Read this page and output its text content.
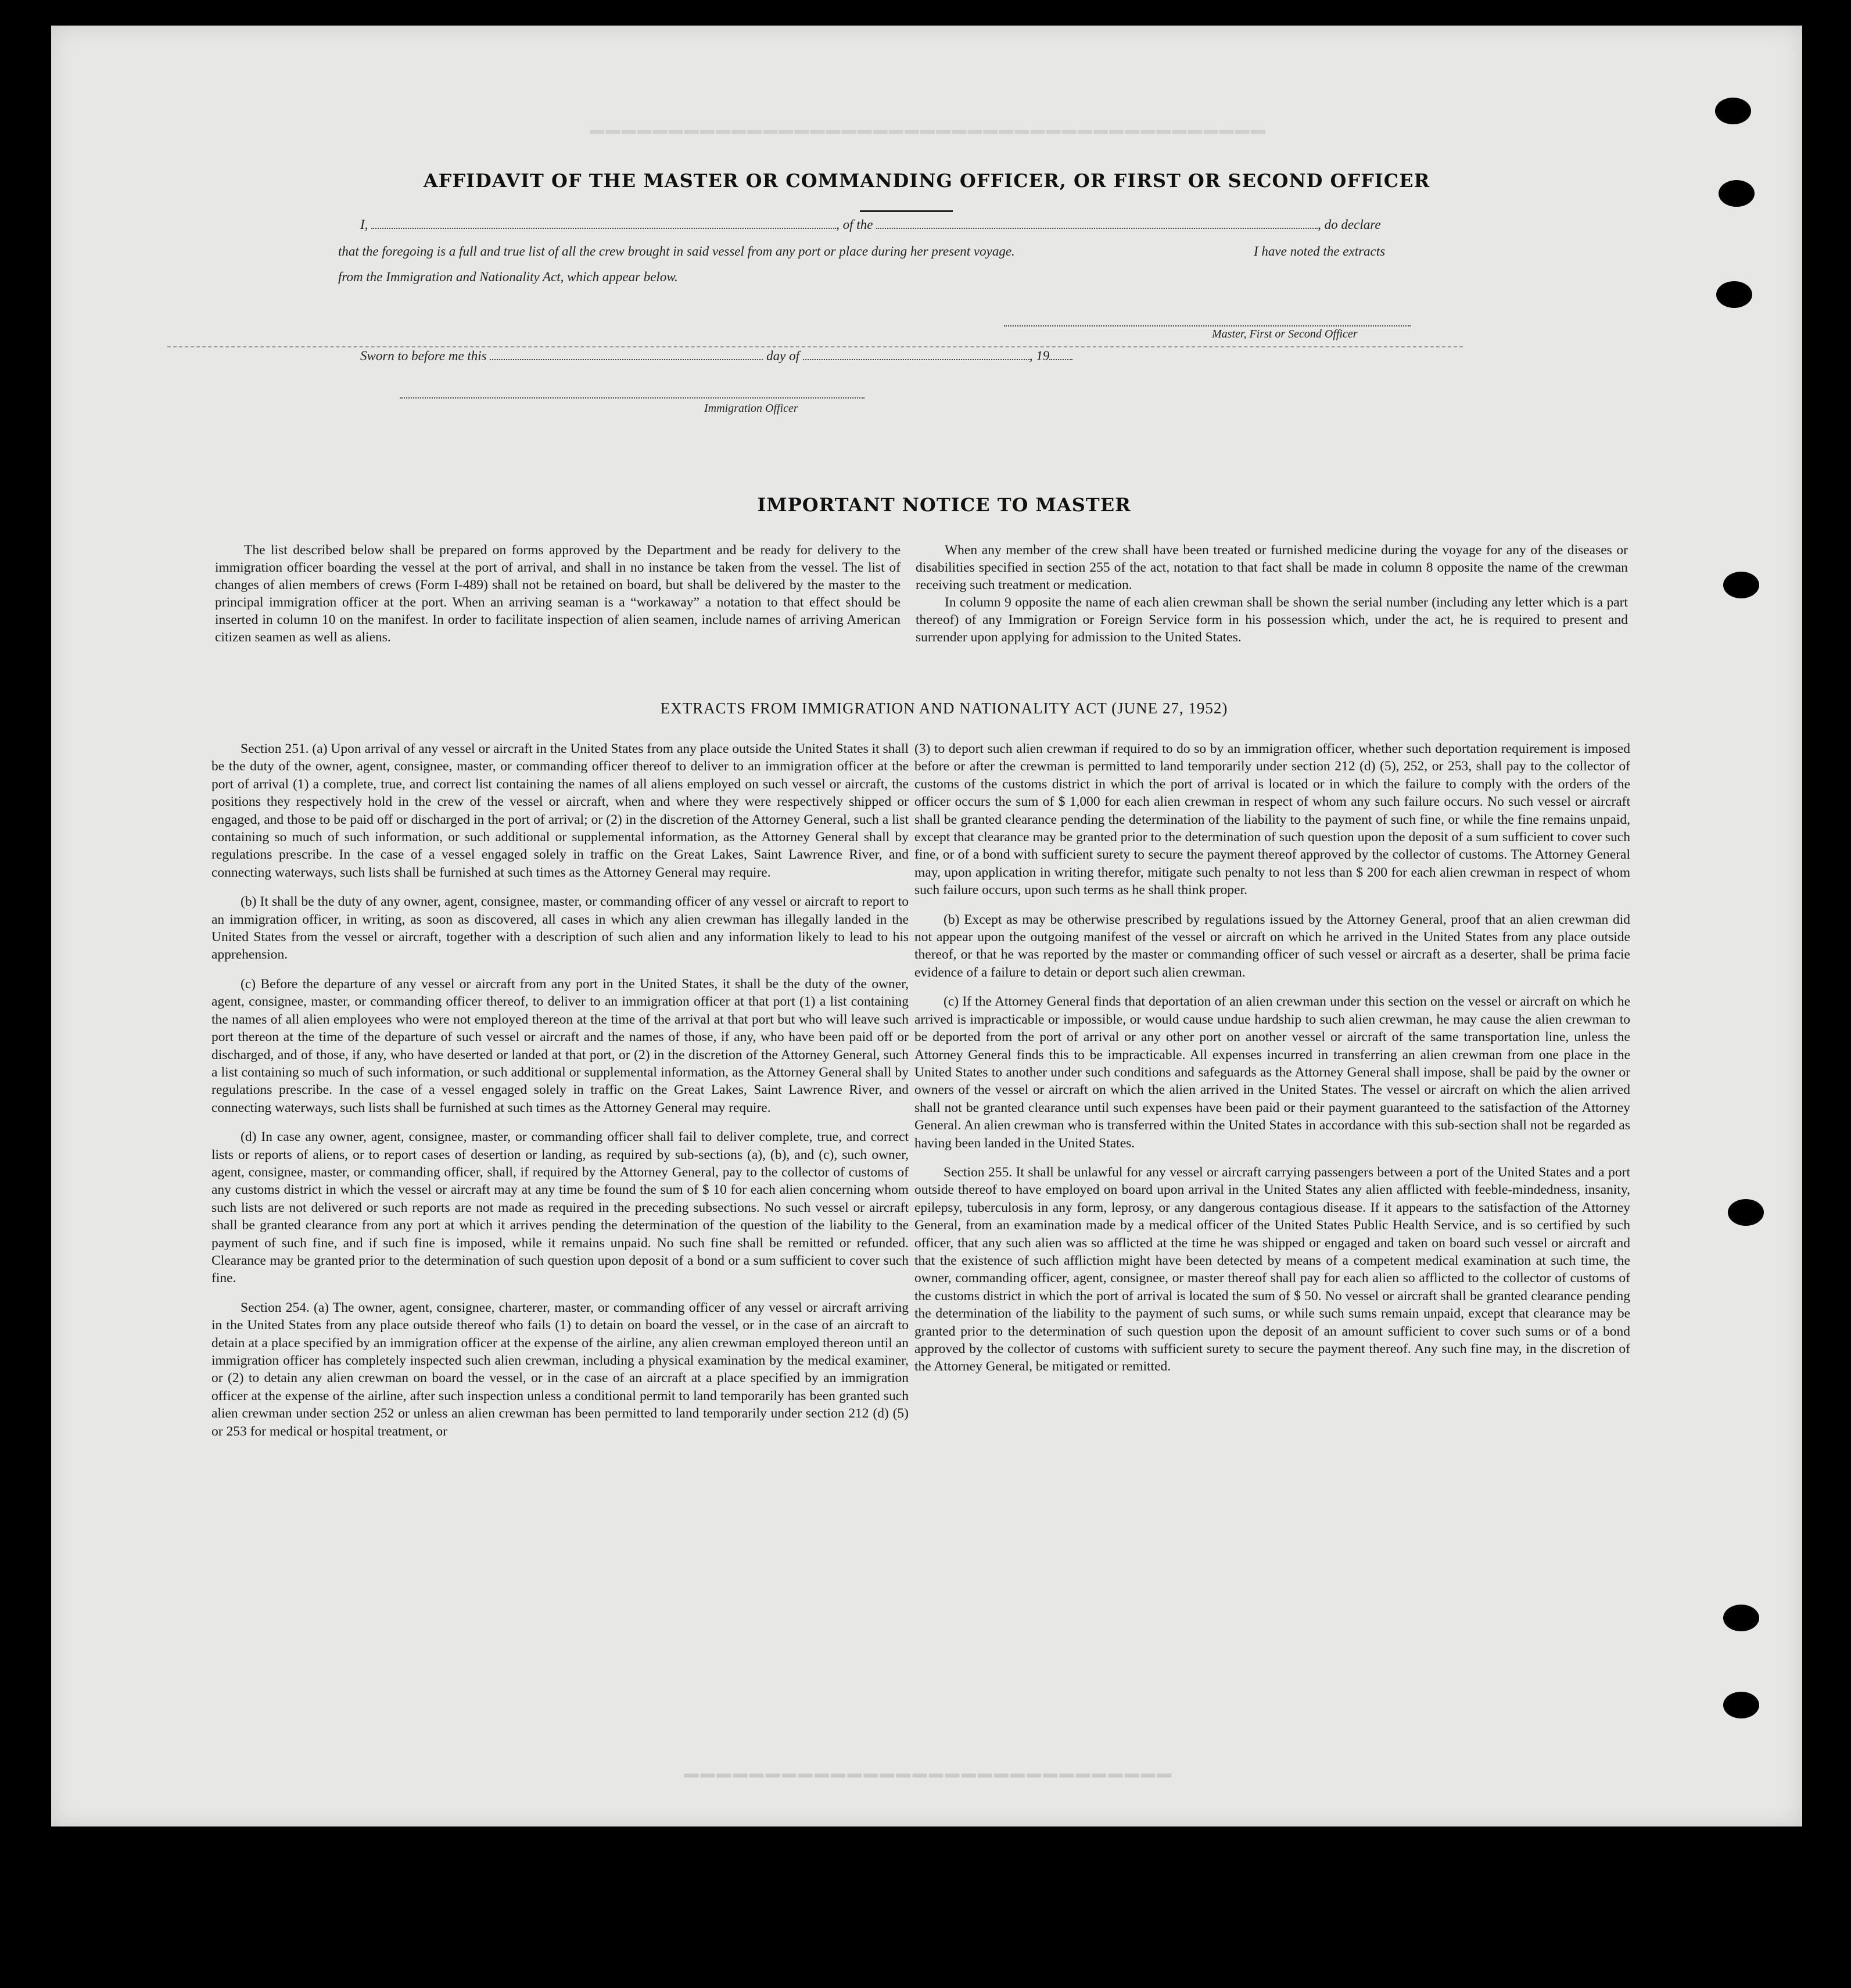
━━━━━━━━━━━━━━━━━━━━━━━━━━━━━━━━━━━━━━━━━━━
━━━━━━━━━━━━━━━━━━━━━━━━━━━━━━
AFFIDAVIT OF THE MASTER OR COMMANDING OFFICER, OR FIRST OR SECOND OFFICER
I,	, of the	, do declare
that the foregoing is a full and true list of all the crew brought in said vessel from any port or place during her present voyage.	I have noted the extracts
from the Immigration and Nationality Act, which appear below.
Master, First or Second Officer
Sworn to before me this	day of	, 19
Immigration Officer
IMPORTANT NOTICE TO MASTER

The list described below shall be prepared on forms approved by the Department and be ready for delivery to the immigration officer boarding the vessel at the port of arrival, and shall in no instance be taken from the vessel. The list of changes of alien members of crews (Form I-489) shall not be retained on board, but shall be delivered by the master to the principal immigration officer at the port. When an arriving seaman is a “workaway” a notation to that effect should be inserted in column 10 on the manifest. In order to facilitate inspection of alien seamen, include names of arriving American citizen seamen as well as aliens.

When any member of the crew shall have been treated or furnished medicine during the voyage for any of the diseases or disabilities specified in section 255 of the act, notation to that fact shall be made in column 8 opposite the name of the crewman receiving such treatment or medication.

In column 9 opposite the name of each alien crewman shall be shown the serial number (including any letter which is a part thereof) of any Immigration or Foreign Service form in his possession which, under the act, he is required to present and surrender upon applying for admission to the United States.

EXTRACTS FROM IMMIGRATION AND NATIONALITY ACT (JUNE 27, 1952)

Section 251. (a) Upon arrival of any vessel or aircraft in the United States from any place outside the United States it shall be the duty of the owner, agent, consignee, master, or commanding officer thereof to deliver to an immigration officer at the port of arrival (1) a complete, true, and correct list containing the names of all aliens employed on such vessel or aircraft, the positions they respectively hold in the crew of the vessel or aircraft, when and where they were respectively shipped or engaged, and those to be paid off or discharged in the port of arrival; or (2) in the discretion of the Attorney General, such a list containing so much of such information, or such additional or supplemental information, as the Attorney General shall by regulations prescribe. In the case of a vessel engaged solely in traffic on the Great Lakes, Saint Lawrence River, and connecting waterways, such lists shall be furnished at such times as the Attorney General may require.

(b) It shall be the duty of any owner, agent, consignee, master, or commanding officer of any vessel or aircraft to report to an immigration officer, in writing, as soon as discovered, all cases in which any alien crewman has illegally landed in the United States from the vessel or aircraft, together with a description of such alien and any information likely to lead to his apprehension.

(c) Before the departure of any vessel or aircraft from any port in the United States, it shall be the duty of the owner, agent, consignee, master, or commanding officer thereof, to deliver to an immigration officer at that port (1) a list containing the names of all alien employees who were not employed thereon at the time of the arrival at that port but who will leave such port thereon at the time of the departure of such vessel or aircraft and the names of those, if any, who have been paid off or discharged, and of those, if any, who have deserted or landed at that port, or (2) in the discretion of the Attorney General, such a list containing so much of such information, or such additional or supplemental information, as the Attorney General shall by regulations prescribe. In the case of a vessel engaged solely in traffic on the Great Lakes, Saint Lawrence River, and connecting waterways, such lists shall be furnished at such times as the Attorney General may require.

(d) In case any owner, agent, consignee, master, or commanding officer shall fail to deliver complete, true, and correct lists or reports of aliens, or to report cases of desertion or landing, as required by sub-sections (a), (b), and (c), such owner, agent, consignee, master, or commanding officer, shall, if required by the Attorney General, pay to the collector of customs of any customs district in which the vessel or aircraft may at any time be found the sum of $ 10 for each alien concerning whom such lists are not delivered or such reports are not made as required in the preceding subsections. No such vessel or aircraft shall be granted clearance from any port at which it arrives pending the determination of the question of the liability to the payment of such fine, and if such fine is imposed, while it remains unpaid. No such fine shall be remitted or refunded. Clearance may be granted prior to the determination of such question upon deposit of a bond or a sum sufficient to cover such fine.

Section 254. (a) The owner, agent, consignee, charterer, master, or commanding officer of any vessel or aircraft arriving in the United States from any place outside thereof who fails (1) to detain on board the vessel, or in the case of an aircraft to detain at a place specified by an immigration officer at the expense of the airline, any alien crewman employed thereon until an immigration officer has completely inspected such alien crewman, including a physical examination by the medical examiner, or (2) to detain any alien crewman on board the vessel, or in the case of an aircraft at a place specified by an immigration officer at the expense of the airline, after such inspection unless a conditional permit to land temporarily has been granted such alien crewman under section 252 or unless an alien crewman has been permitted to land temporarily under section 212 (d) (5) or 253 for medical or hospital treatment, or

(3) to deport such alien crewman if required to do so by an immigration officer, whether such deportation requirement is imposed before or after the crewman is permitted to land temporarily under section 212 (d) (5), 252, or 253, shall pay to the collector of customs of the customs district in which the port of arrival is located or in which the failure to comply with the orders of the officer occurs the sum of $ 1,000 for each alien crewman in respect of whom any such failure occurs. No such vessel or aircraft shall be granted clearance pending the determination of the liability to the payment of such fine, or while the fine remains unpaid, except that clearance may be granted prior to the determination of such question upon the deposit of a sum sufficient to cover such fine, or of a bond with sufficient surety to secure the payment thereof approved by the collector of customs. The Attorney General may, upon application in writing therefor, mitigate such penalty to not less than $ 200 for each alien crewman in respect of whom such failure occurs, upon such terms as he shall think proper.

(b) Except as may be otherwise prescribed by regulations issued by the Attorney General, proof that an alien crewman did not appear upon the outgoing manifest of the vessel or aircraft on which he arrived in the United States from any place outside thereof, or that he was reported by the master or commanding officer of such vessel or aircraft as a deserter, shall be prima facie evidence of a failure to detain or deport such alien crewman.

(c) If the Attorney General finds that deportation of an alien crewman under this section on the vessel or aircraft on which he arrived is impracticable or impossible, or would cause undue hardship to such alien crewman, he may cause the alien crewman to be deported from the port of arrival or any other port on another vessel or aircraft of the same transportation line, unless the Attorney General finds this to be impracticable. All expenses incurred in transferring an alien crewman from one place in the United States to another under such conditions and safeguards as the Attorney General shall impose, shall be paid by the owner or owners of the vessel or aircraft on which the alien arrived in the United States. The vessel or aircraft on which the alien arrived shall not be granted clearance until such expenses have been paid or their payment guaranteed to the satisfaction of the Attorney General. An alien crewman who is transferred within the United States in accordance with this sub-section shall not be regarded as having been landed in the United States.

Section 255. It shall be unlawful for any vessel or aircraft carrying passengers between a port of the United States and a port outside thereof to have employed on board upon arrival in the United States any alien afflicted with feeble-mindedness, insanity, epilepsy, tuberculosis in any form, leprosy, or any dangerous contagious disease. If it appears to the satisfaction of the Attorney General, from an examination made by a medical officer of the United States Public Health Service, and is so certified by such officer, that any such alien was so afflicted at the time he was shipped or engaged and taken on board such vessel or aircraft and that the existence of such affliction might have been detected by means of a competent medical examination at such time, the owner, commanding officer, agent, consignee, or master thereof shall pay for each alien so afflicted to the collector of customs of the customs district in which the port of arrival is located the sum of $ 50. No vessel or aircraft shall be granted clearance pending the determination of the liability to the payment of such sums, or while such sums remain unpaid, except that clearance may be granted prior to the determination of such question upon the deposit of an amount sufficient to cover such sums or of a bond approved by the collector of customs with sufficient surety to secure the payment thereof. Any such fine may, in the discretion of the Attorney General, be mitigated or remitted.
